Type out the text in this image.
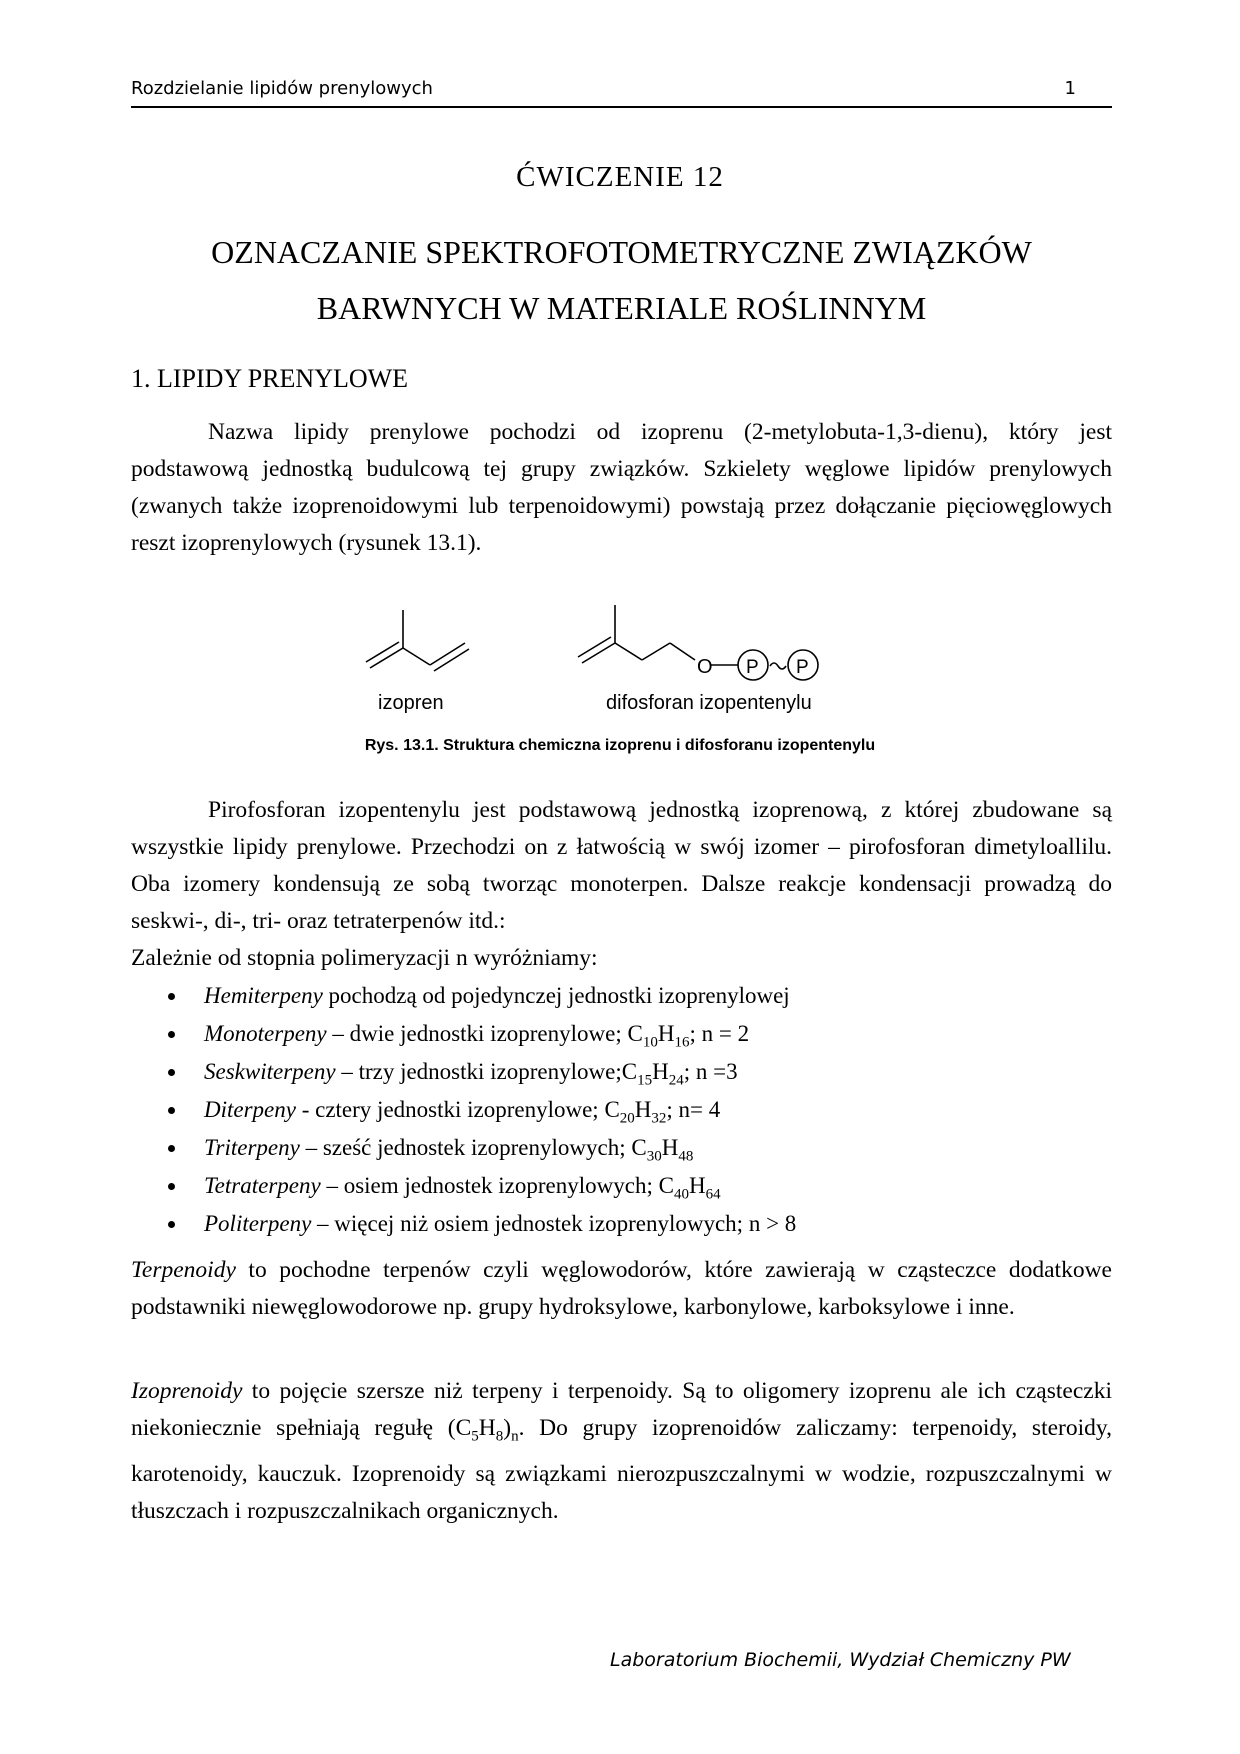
Rozdzielanie lipidów prenylowych	1
ĆWICZENIE 12
OZNACZANIE SPEKTROFOTOMETRYCZNE ZWIĄZKÓW
BARWNYCH W MATERIALE ROŚLINNYM
1. LIPIDY PRENYLOWE

Nazwa lipidy prenylowe pochodzi od izoprenu (2-metylobuta-1,3-dienu), który jest podstawową jednostką budulcową tej grupy związków. Szkielety węglowe lipidów prenylowych (zwanych także izoprenoidowymi lub terpenoidowymi) powstają przez dołączanie pięciowęglowych reszt izoprenylowych (rysunek 13.1).

O P P
izopren	difosforan izopentenylu
Rys. 13.1. Struktura chemiczna izoprenu i difosforanu izopentenylu

Pirofosforan izopentenylu jest podstawową jednostką izoprenową, z której zbudowane są wszystkie lipidy prenylowe. Przechodzi on z łatwością w swój izomer – pirofosforan dimetyloallilu. Oba izomery kondensują ze sobą tworząc monoterpen. Dalsze reakcje kondensacji prowadzą do seskwi-, di-, tri- oraz tetraterpenów itd.:

Zależnie od stopnia polimeryzacji n wyróżniamy:

Hemiterpeny pochodzą od pojedynczej jednostki izoprenylowej
Monoterpeny – dwie jednostki izoprenylowe; $C_{10}H_{16}$; n = 2
Seskwiterpeny – trzy jednostki $izoprenylowe;C_{15}H_{24}$; n =3
Diterpeny - cztery jednostki izoprenylowe; $C_{20}H_{32}$; n= 4
Triterpeny – sześć jednostek izoprenylowych; $C_{30}H_{48}$
Tetraterpeny – osiem jednostek izoprenylowych; $C_{40}H_{64}$
Politerpeny – więcej niż osiem jednostek izoprenylowych; n > 8

Terpenoidy to pochodne terpenów czyli węglowodorów, które zawierają w cząsteczce dodatkowe podstawniki niewęglowodorowe np. grupy hydroksylowe, karbonylowe, karboksylowe i inne.

Izoprenoidy to pojęcie szersze niż terpeny i terpenoidy. Są to oligomery izoprenu ale ich cząsteczki niekoniecznie spełniają regułę $(C_5H_8)_n$. Do grupy izoprenoidów zaliczamy: terpenoidy, steroidy, karotenoidy, kauczuk. Izoprenoidy są związkami nierozpuszczalnymi w wodzie, rozpuszczalnymi w tłuszczach i rozpuszczalnikach organicznych.

Laboratorium Biochemii, Wydział Chemiczny PW
